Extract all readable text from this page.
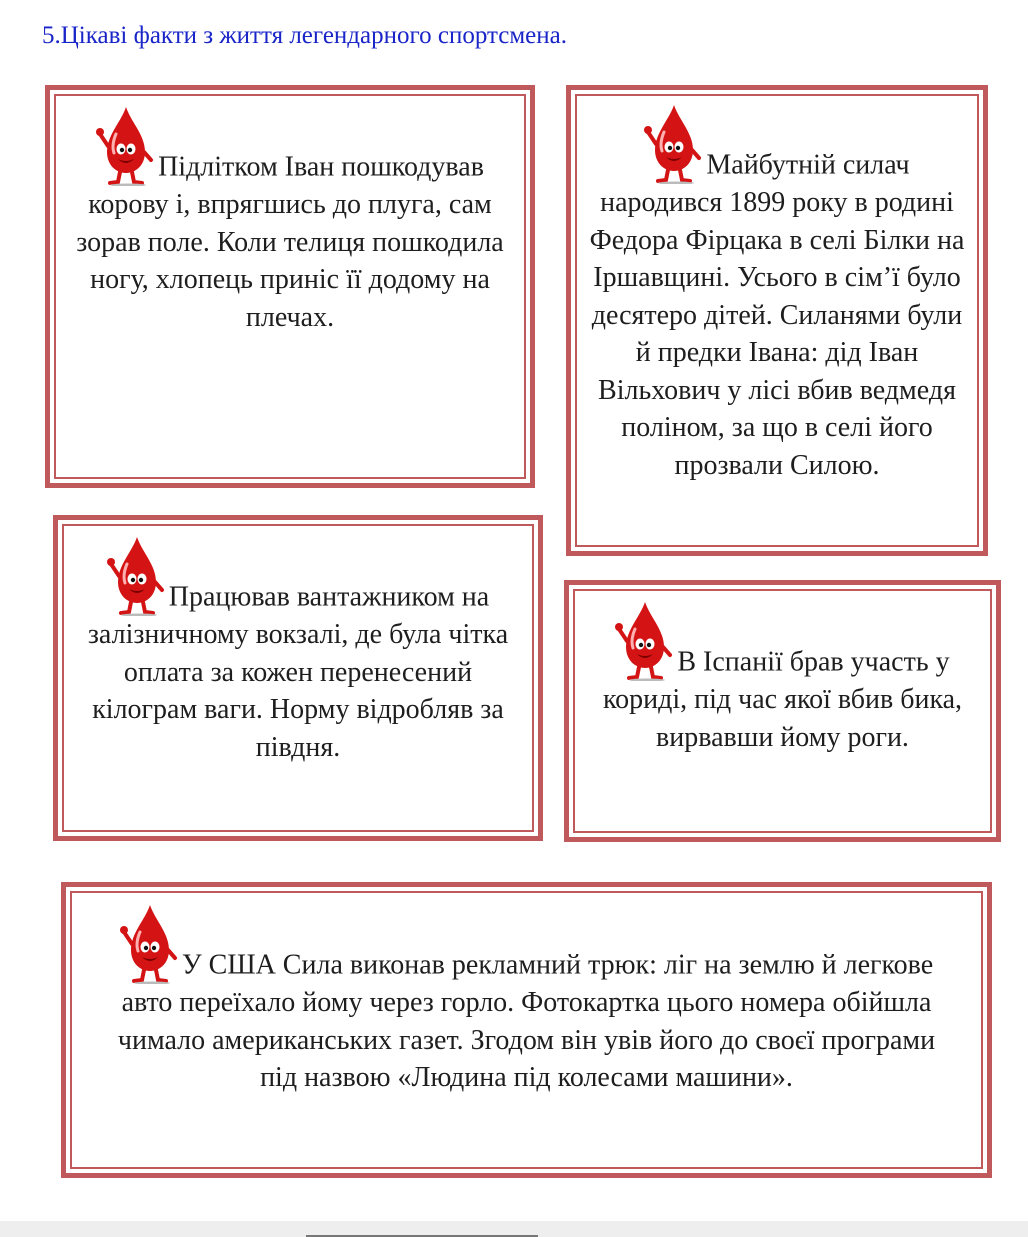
5.Цікаві факти з життя легендарного спортсмена.

Підлітком Іван пошкодував корову і, впрягшись до плуга, сам зорав поле. Коли телиця пошкодила ногу, хлопець приніс її додому на плечах.

Майбутній силач народився 1899 року в родині Федора Фірцака в селі Білки на Іршавщині. Усього в сім’ї було десятеро дітей. Силанями були й предки Івана: дід Іван Вільхович у лісі вбив ведмедя поліном, за що в селі його прозвали Силою.

Працював вантажником на залізничному вокзалі, де була чітка оплата за кожен перенесений кілограм ваги. Норму відробляв за півдня.

В Іспанії брав участь у кориді, під час якої вбив бика, вирвавши йому роги.

У США Сила виконав рекламний трюк: ліг на землю й легкове авто переїхало йому через горло. Фотокартка цього номера обійшла чимало американських газет. Згодом він увів його до своєї програми під назвою «Людина під колесами машини».
